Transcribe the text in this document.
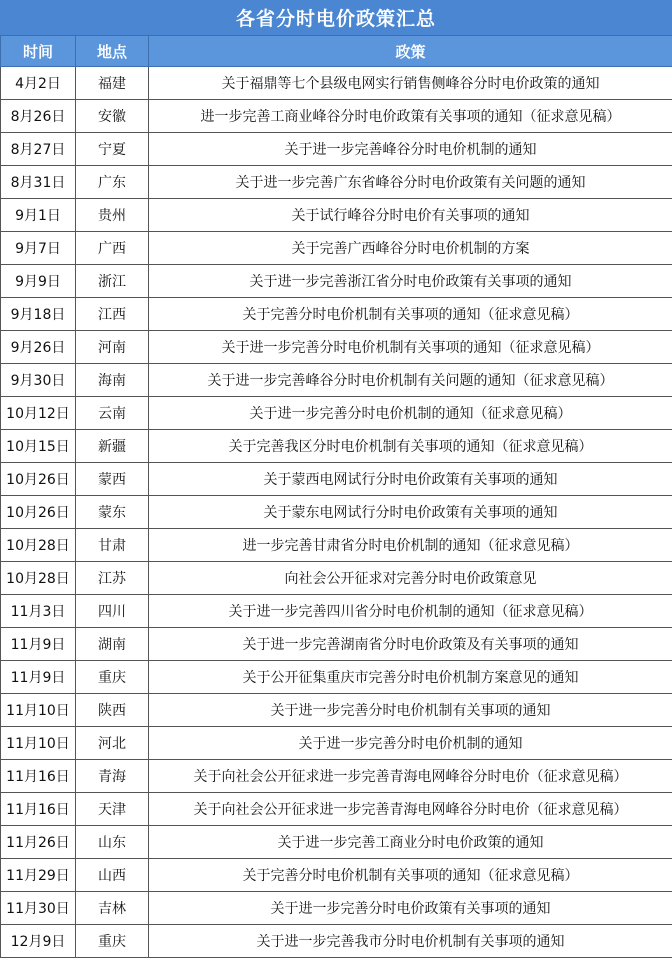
各省分时电价政策汇总
时间	地点	政策
4月2日	福建	关于福鼎等七个县级电网实行销售侧峰谷分时电价政策的通知
8月26日	安徽	进一步完善工商业峰谷分时电价政策有关事项的通知（征求意见稿）
8月27日	宁夏	关于进一步完善峰谷分时电价机制的通知
8月31日	广东	关于进一步完善广东省峰谷分时电价政策有关问题的通知
9月1日	贵州	关于试行峰谷分时电价有关事项的通知
9月7日	广西	关于完善广西峰谷分时电价机制的方案
9月9日	浙江	关于进一步完善浙江省分时电价政策有关事项的通知
9月18日	江西	关于完善分时电价机制有关事项的通知（征求意见稿）
9月26日	河南	关于进一步完善分时电价机制有关事项的通知（征求意见稿）
9月30日	海南	关于进一步完善峰谷分时电价机制有关问题的通知（征求意见稿）
10月12日	云南	关于进一步完善分时电价机制的通知（征求意见稿）
10月15日	新疆	关于完善我区分时电价机制有关事项的通知（征求意见稿）
10月26日	蒙西	关于蒙西电网试行分时电价政策有关事项的通知
10月26日	蒙东	关于蒙东电网试行分时电价政策有关事项的通知
10月28日	甘肃	进一步完善甘肃省分时电价机制的通知（征求意见稿）
10月28日	江苏	向社会公开征求对完善分时电价政策意见
11月3日	四川	关于进一步完善四川省分时电价机制的通知（征求意见稿）
11月9日	湖南	关于进一步完善湖南省分时电价政策及有关事项的通知
11月9日	重庆	关于公开征集重庆市完善分时电价机制方案意见的通知
11月10日	陕西	关于进一步完善分时电价机制有关事项的通知
11月10日	河北	关于进一步完善分时电价机制的通知
11月16日	青海	关于向社会公开征求进一步完善青海电网峰谷分时电价（征求意见稿）
11月16日	天津	关于向社会公开征求进一步完善青海电网峰谷分时电价（征求意见稿）
11月26日	山东	关于进一步完善工商业分时电价政策的通知
11月29日	山西	关于完善分时电价机制有关事项的通知（征求意见稿）
11月30日	吉林	关于进一步完善分时电价政策有关事项的通知
12月9日	重庆	关于进一步完善我市分时电价机制有关事项的通知
